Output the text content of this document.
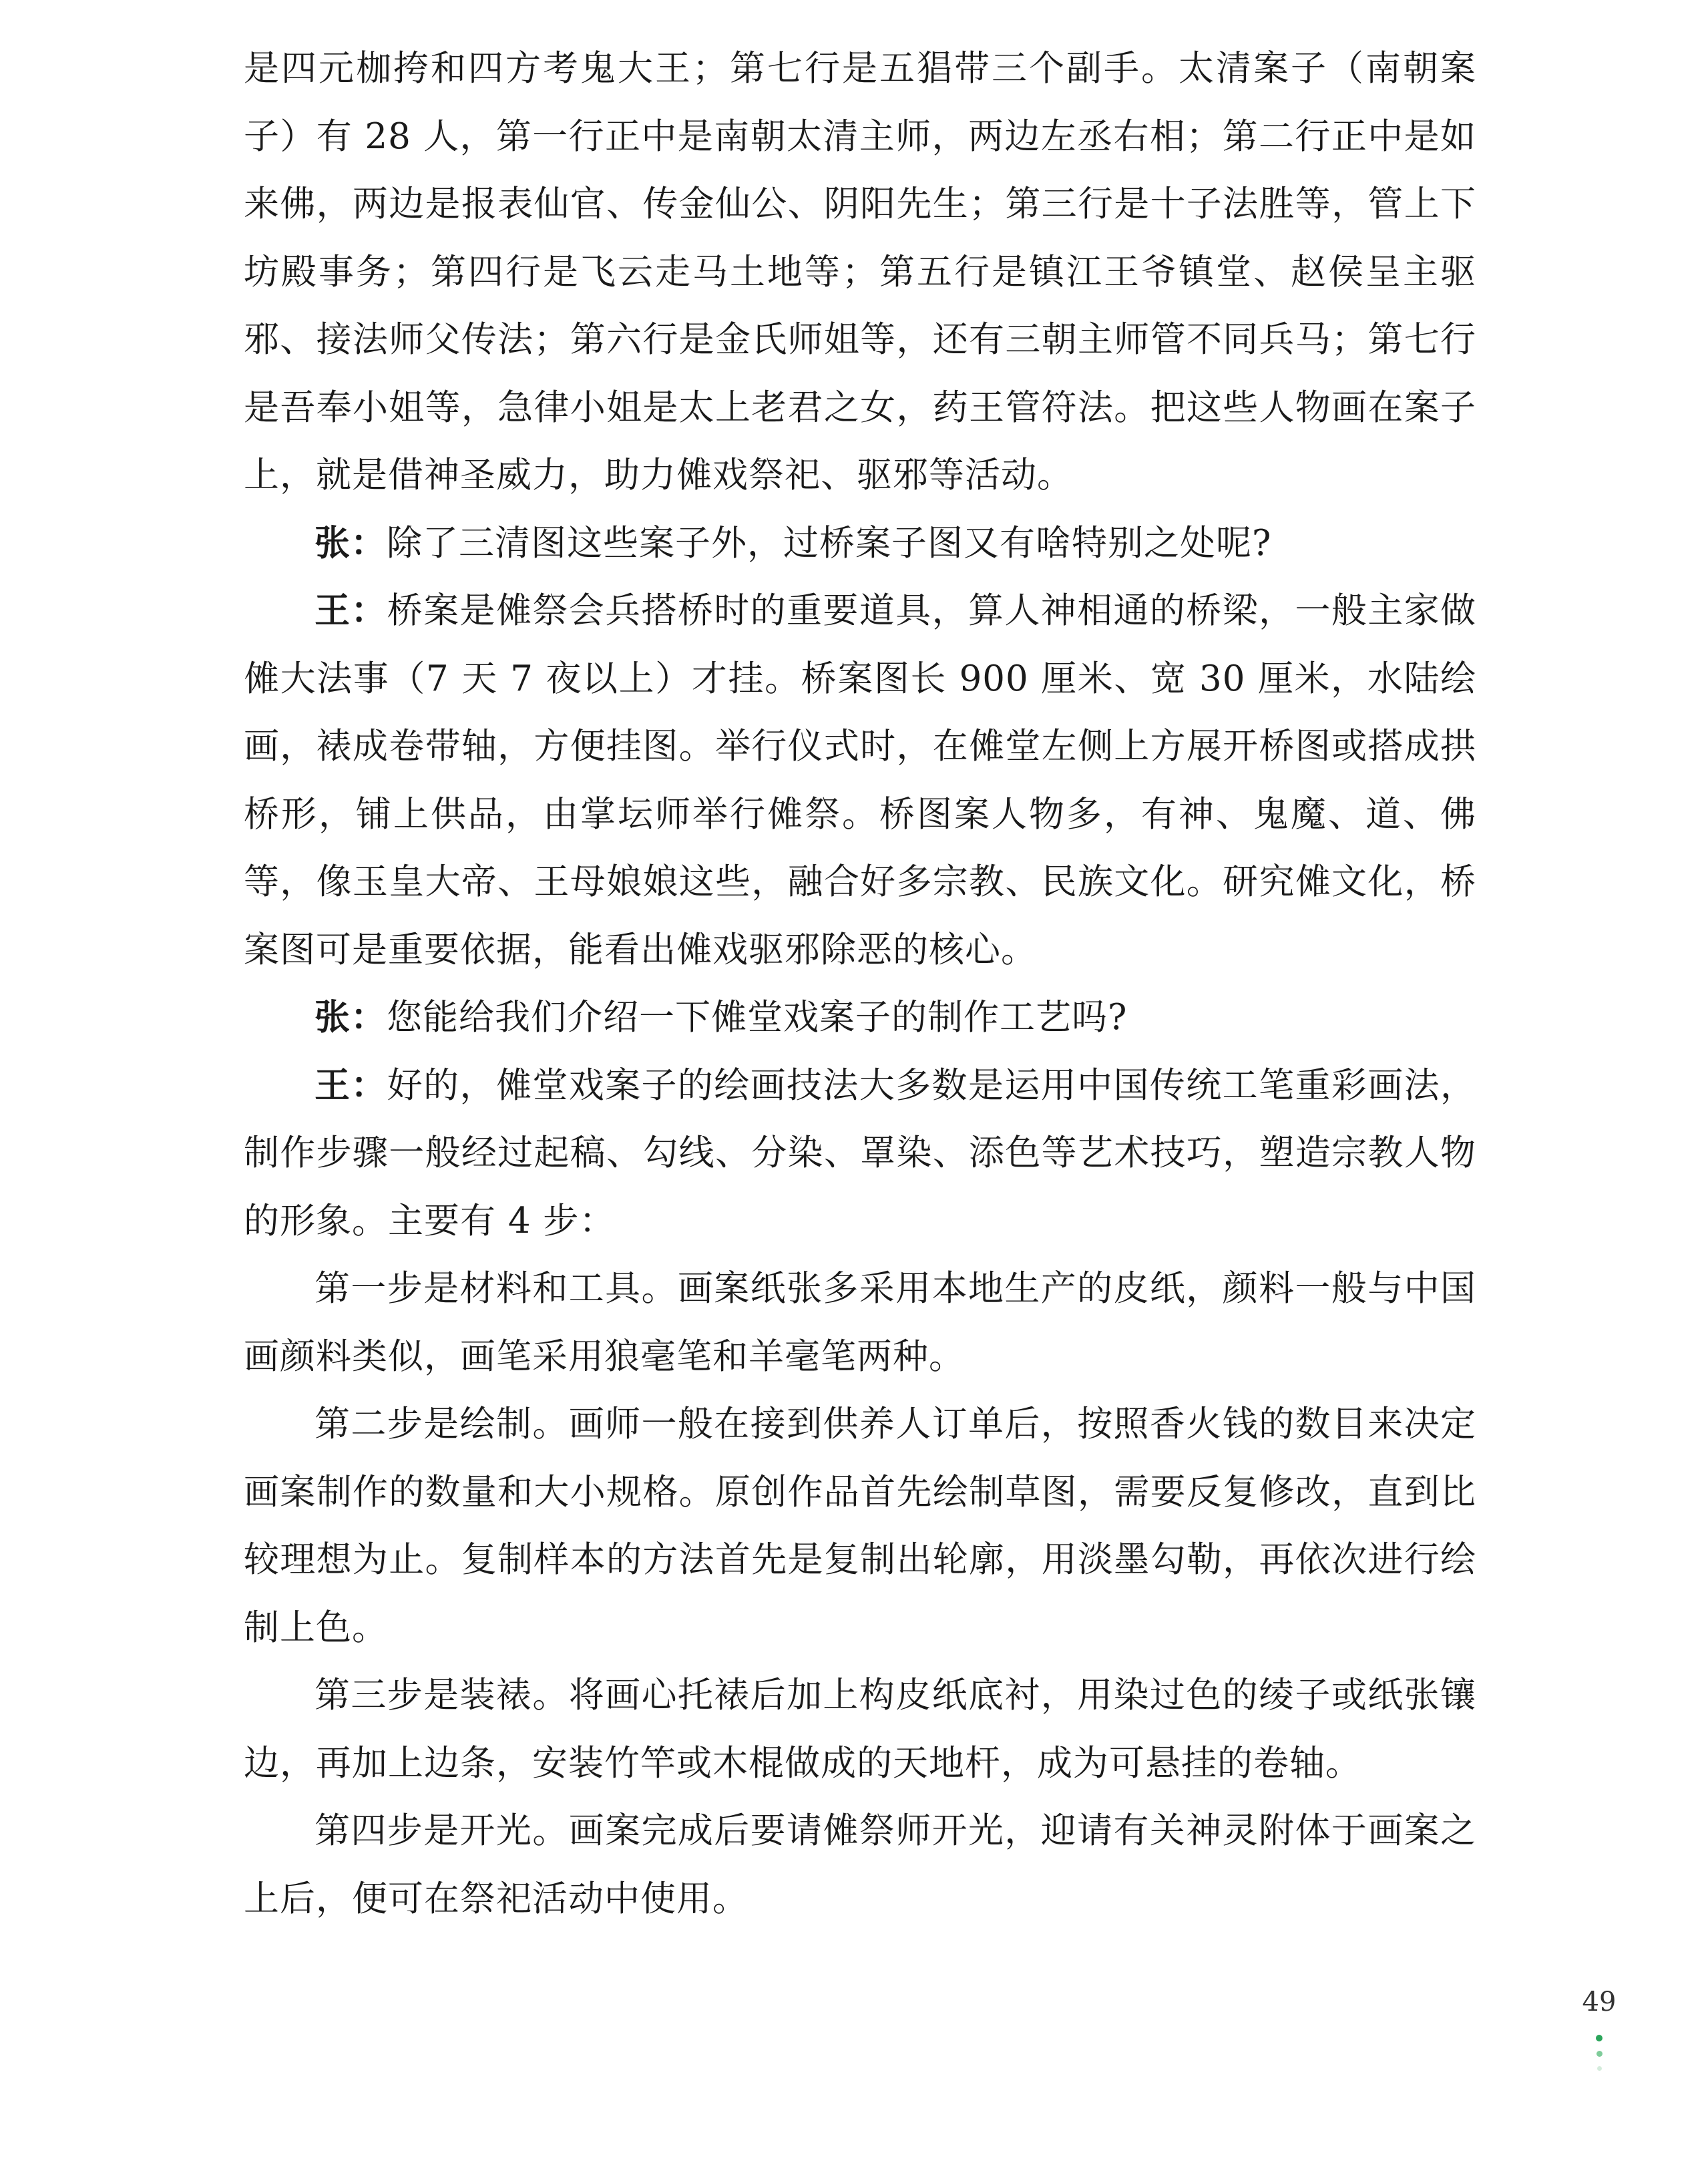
是四元枷挎和四方考鬼大王；第七行是五猖带三个副手。太清案子（南朝案子）有 28 人，第一行正中是南朝太清主师，两边左丞右相；第二行正中是如来佛，两边是报表仙官、传金仙公、阴阳先生；第三行是十子法胜等，管上下坊殿事务；第四行是飞云走马土地等；第五行是镇江王爷镇堂、赵侯呈主驱邪、接法师父传法；第六行是金氏师姐等，还有三朝主师管不同兵马；第七行是吾奉小姐等，急律小姐是太上老君之女，药王管符法。把这些人物画在案子上，就是借神圣威力，助力傩戏祭祀、驱邪等活动。

张：除了三清图这些案子外，过桥案子图又有啥特别之处呢?

王：桥案是傩祭会兵搭桥时的重要道具，算人神相通的桥梁，一般主家做傩大法事（7 天 7 夜以上）才挂。桥案图长 900 厘米、宽 30 厘米，水陆绘画，裱成卷带轴，方便挂图。举行仪式时，在傩堂左侧上方展开桥图或搭成拱桥形，铺上供品，由掌坛师举行傩祭。桥图案人物多，有神、鬼魔、道、佛等，像玉皇大帝、王母娘娘这些，融合好多宗教、民族文化。研究傩文化，桥案图可是重要依据，能看出傩戏驱邪除恶的核心。

张：您能给我们介绍一下傩堂戏案子的制作工艺吗?

王：好的，傩堂戏案子的绘画技法大多数是运用中国传统工笔重彩画法，制作步骤一般经过起稿、勾线、分染、罩染、添色等艺术技巧，塑造宗教人物的形象。主要有 4 步：

第一步是材料和工具。画案纸张多采用本地生产的皮纸，颜料一般与中国画颜料类似，画笔采用狼毫笔和羊毫笔两种。

第二步是绘制。画师一般在接到供养人订单后，按照香火钱的数目来决定画案制作的数量和大小规格。原创作品首先绘制草图，需要反复修改，直到比较理想为止。复制样本的方法首先是复制出轮廓，用淡墨勾勒，再依次进行绘制上色。

第三步是装裱。将画心托裱后加上构皮纸底衬，用染过色的绫子或纸张镶边，再加上边条，安装竹竿或木棍做成的天地杆，成为可悬挂的卷轴。

第四步是开光。画案完成后要请傩祭师开光，迎请有关神灵附体于画案之上后，便可在祭祀活动中使用。

49
